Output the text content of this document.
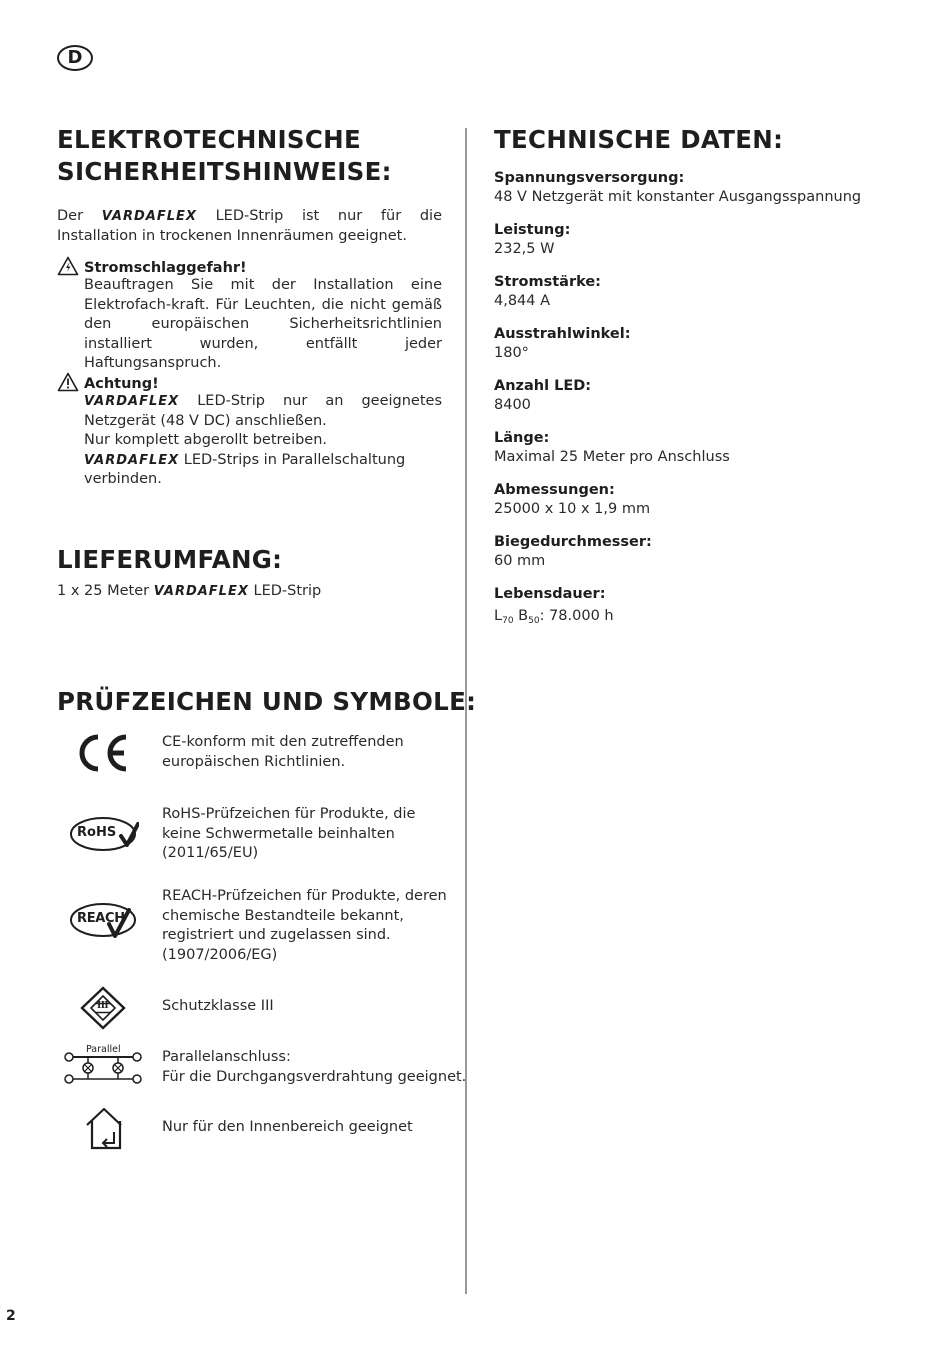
D
ELEKTROTECHNISCHE
SICHERHEITSHINWEISE:

Der VARDAFLEX LED-Strip ist nur für die Installation in trockenen Innenräumen geeignet.

Stromschlaggefahr!

Beauftragen Sie mit der Installation eine Elektrofach-kraft. Für Leuchten, die nicht gemäß den europäischen Sicherheitsrichtlinien installiert wurden, entfällt jeder Haftungsanspruch.

Achtung!

VARDAFLEX LED-Strip nur an geeignetes Netzgerät (48 V DC) anschließen.

Nur komplett abgerollt betreiben.

VARDAFLEX LED-Strips in Parallelschaltung verbinden.

LIEFERUMFANG:

1 x 25 Meter VARDAFLEX LED-Strip

PRÜFZEICHEN UND SYMBOLE:
CE-konform mit den zutreffenden
europäischen Richtlinien.
RoHS
RoHS-Prüfzeichen für Produkte, die
keine Schwermetalle beinhalten
(2011/65/EU)
REACH
REACH-Prüfzeichen für Produkte, deren
chemische Bestandteile bekannt,
registriert und zugelassen sind.
(1907/2006/EG)
III	Schutzklasse III
Parallel	Parallelanschluss:
Für die Durchgangsverdrahtung geeignet.
Nur für den Innenbereich geeignet
TECHNISCHE DATEN:
Spannungsversorgung:
48 V Netzgerät mit konstanter Ausgangsspannung
Leistung:
232,5 W
Stromstärke:
4,844 A
Ausstrahlwinkel:
180°
Anzahl LED:
8400
Länge:
Maximal 25 Meter pro Anschluss
Abmessungen:
25000 x 10 x 1,9 mm
Biegedurchmesser:
60 mm
Lebensdauer:
$L_{70}$ $B_{50}$: 78.000 h
2
